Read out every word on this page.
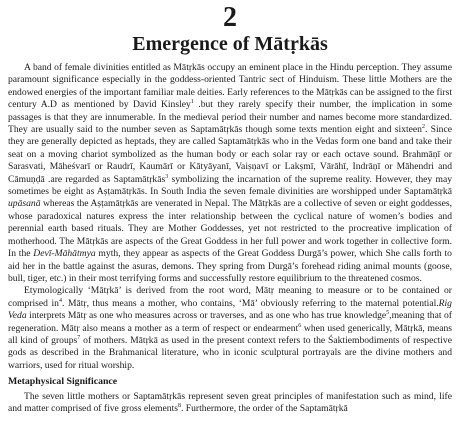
2
Emergence of Mātṛkās

A band of female divinities entitled as Mātṛkās occupy an eminent place in the Hindu perception. They assume paramount significance especially in the goddess-oriented Tantric sect of Hinduism. These little Mothers are the endowed energies of the important familiar male deities. Early references to the Mātṛkās can be assigned to the first century A.D as mentioned by David Kinsley$^1$ .but they rarely specify their number, the implication in some passages is that they are innumerable. In the medieval period their number and names become more standardized. They are usually said to the number seven as Saptamātṛkās though some texts mention eight and sixteen$^2$. Since they are generally depicted as heptads, they are called Saptamātṛkās who in the Vedas form one band and take their seat on a moving chariot symbolized as the human body or each solar ray or each octave sound. Brahmāṇī or Sarasvati, Māheśvarī or Raudrī, Kaumārī or Kātyāyanī, Vaiṣṇavī or Lakṣmī, Vārāhī, Indrāṇī or Māhendri and Cāmuṇḍā .are regarded as Saptamātṛkās$^3$ symbolizing the incarnation of the supreme reality. However, they may sometimes be eight as Aṣṭamātṛkās. In South India the seven female divinities are worshipped under Saptamātṛkā upāsanā whereas the Aṣṭamātṛkās are venerated in Nepal. The Mātṛkās are a collective of seven or eight goddesses, whose paradoxical natures express the inter relationship between the cyclical nature of women’s bodies and perennial earth based rituals. They are Mother Goddesses, yet not restricted to the procreative implication of motherhood. The Mātṛkās are aspects of the Great Goddess in her full power and work together in collective form. In the Devī-Māhātmya myth, they appear as aspects of the Great Goddess Durgā’s power, which She calls forth to aid her in the battle against the asuras, demons. They spring from Durgā’s forehead riding animal mounts (goose, bull, tiger, etc.) in their most terrifying forms and successfully restore equilibrium to the threatened cosmos.

Etymologically ‘Mātṛkā’ is derived from the root word, Mātṛ meaning to measure or to be contained or comprised $in^4$. Mātṛ, thus means a mother, who contains, ‘Mā’ obviously referring to the maternal potential.Rig Veda interprets Mātṛ as one who measures across or traverses, and as one who has true knowledge$^5$,meaning that of regeneration. Mātṛ also means a mother as a term of respect or endearment$^6$ when used generically, Mātṛkā, means all kind of groups$^7$ of mothers. Mātṛkā as used in the present context refers to the Śaktiembodiments of respective gods as described in the Brahmanical literature, who in iconic sculptural portrayals are the divine mothers and warriors, used for ritual worship.

Metaphysical Significance

The seven little mothers or Saptamātṛkās represent seven great principles of manifestation such as mind, life and matter comprised of five gross elements$^8$. Furthermore, the order of the Saptamātṛkā
